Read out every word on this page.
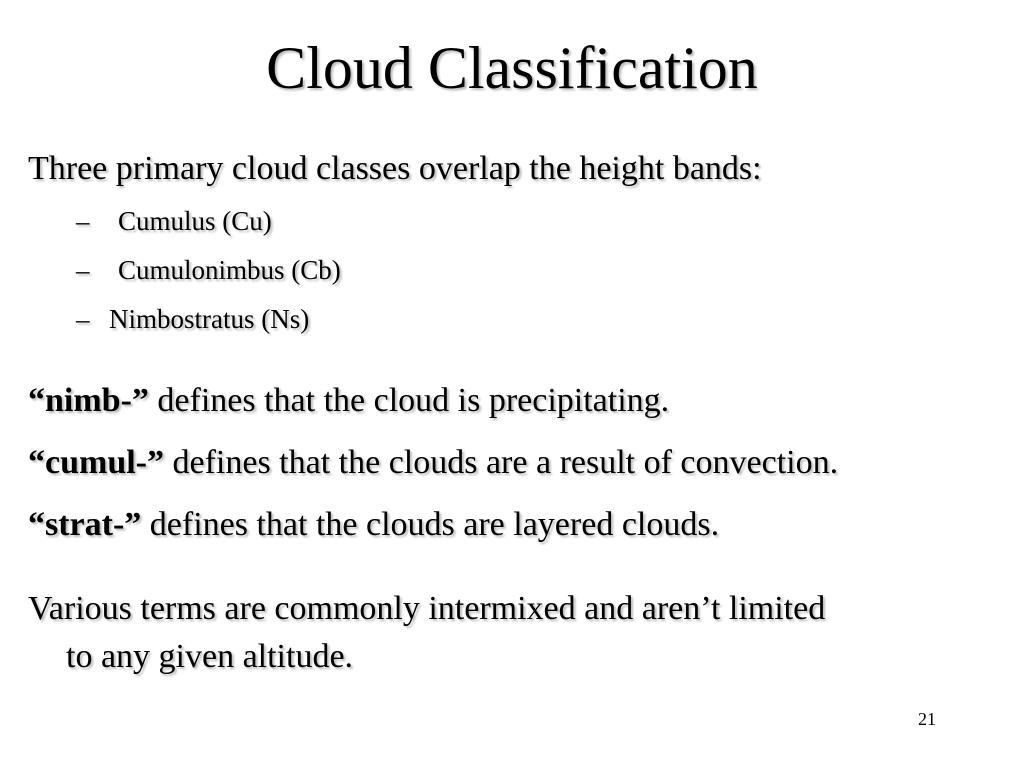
Cloud Classification

Three primary cloud classes overlap the height bands:

– Cumulus (Cu)
– Cumulonimbus (Cb)
– Nimbostratus (Ns)

“nimb-” defines that the cloud is precipitating.

“cumul-” defines that the clouds are a result of convection.

“strat-” defines that the clouds are layered clouds.

Various terms are commonly intermixed and aren’t limited

to any given altitude.

21
